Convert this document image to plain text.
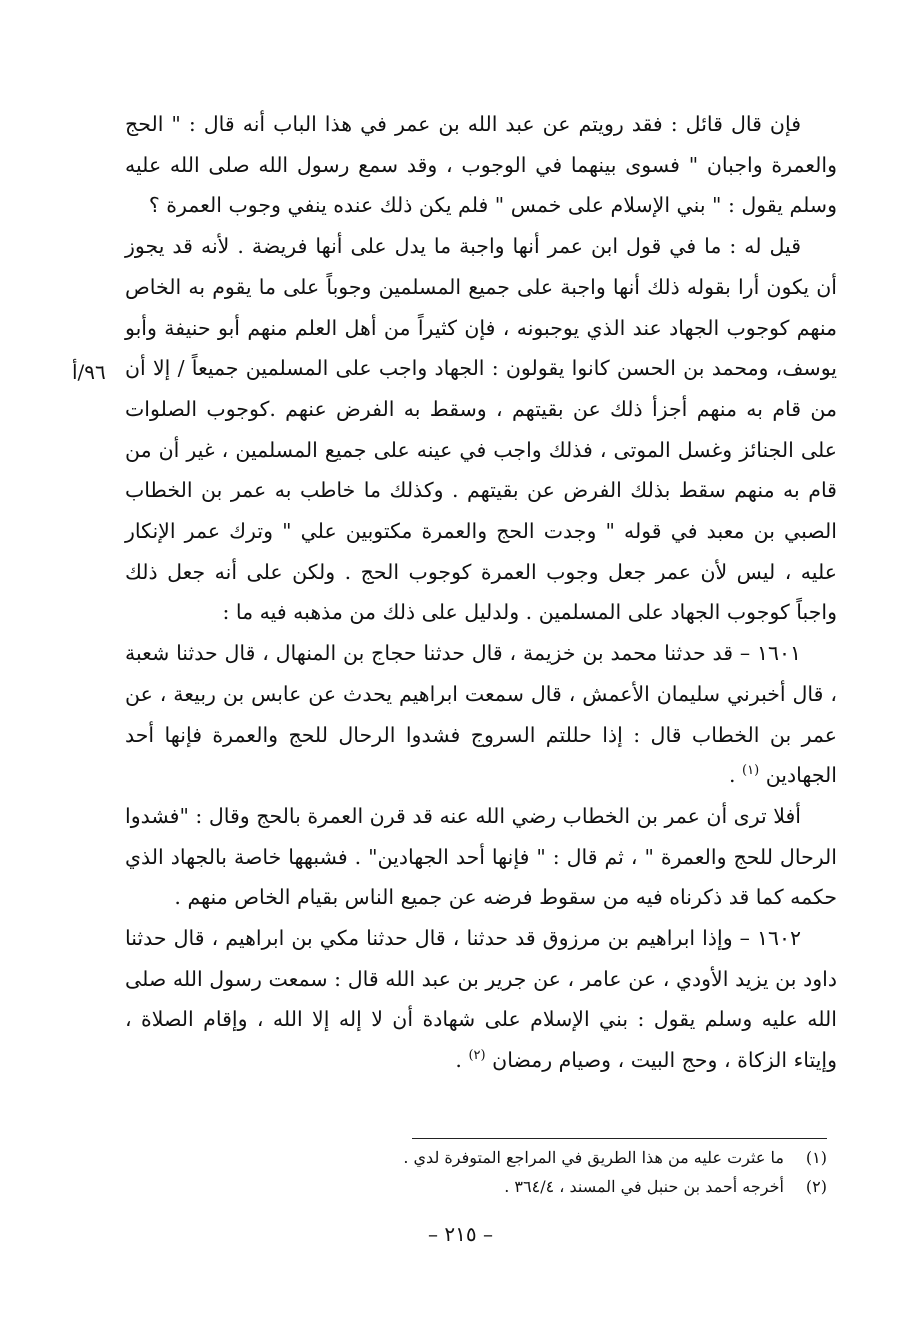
فإن قال قائل : فقد رويتم عن عبد الله بن عمر في هذا الباب أنه قال : " الحج والعمرة واجبان " فسوى بينهما في الوجوب ، وقد سمع رسول الله صلى الله عليه وسلم يقول : " بني الإسلام على خمس " فلم يكن ذلك عنده ينفي وجوب العمرة ؟

قيل له : ما في قول ابن عمر أنها واجبة ما يدل على أنها فريضة . لأنه قد يجوز أن يكون أرا بقوله ذلك أنها واجبة على جميع المسلمين وجوباً على ما يقوم به الخاص منهم كوجوب الجهاد عند الذي يوجبونه ، فإن كثيراً من أهل العلم منهم أبو حنيفة وأبو يوسف، ومحمد بن الحسن كانوا يقولون : الجهاد واجب على المسلمين جميعاً / إلا أن من قام به منهم أجزأ ذلك عن بقيتهم ، وسقط به الفرض عنهم .كوجوب الصلوات على الجنائز وغسل الموتى ، فذلك واجب في عينه على جميع المسلمين ، غير أن من قام به منهم سقط بذلك الفرض عن بقيتهم . وكذلك ما خاطب به عمر بن الخطاب الصبي بن معبد في قوله " وجدت الحج والعمرة مكتوبين علي " وترك عمر الإنكار عليه ، ليس لأن عمر جعل وجوب العمرة كوجوب الحج . ولكن على أنه جعل ذلك واجباً كوجوب الجهاد على المسلمين . ولدليل على ذلك من مذهبه فيه ما :

١٦٠١ – قد حدثنا محمد بن خزيمة ، قال حدثنا حجاج بن المنهال ، قال حدثنا شعبة ، قال أخبرني سليمان الأعمش ، قال سمعت ابراهيم يحدث عن عابس بن ربيعة ، عن عمر بن الخطاب قال : إذا حللتم السروج فشدوا الرحال للحج والعمرة فإنها أحد الجهادين $^{(١)}$ .

أفلا ترى أن عمر بن الخطاب رضي الله عنه قد قرن العمرة بالحج وقال : "فشدوا الرحال للحج والعمرة " ، ثم قال : " فإنها أحد الجهادين" . فشبهها خاصة بالجهاد الذي حكمه كما قد ذكرناه فيه من سقوط فرضه عن جميع الناس بقيام الخاص منهم .

١٦٠٢ – وإذا ابراهيم بن مرزوق قد حدثنا ، قال حدثنا مكي بن ابراهيم ، قال حدثنا داود بن يزيد الأودي ، عن عامر ، عن جرير بن عبد الله قال : سمعت رسول الله صلى الله عليه وسلم يقول : بني الإسلام على شهادة أن لا إله إلا الله ، وإقام الصلاة ، وإيتاء الزكاة ، وحج البيت ، وصيام رمضان $^{(٢)}$ .

٩٦/أ

(١) ما عثرت عليه من هذا الطريق في المراجع المتوفرة لدي .

(٢) أخرجه أحمد بن حنبل في المسند ، ٣٦٤/٤ .

– ٢١٥ –
